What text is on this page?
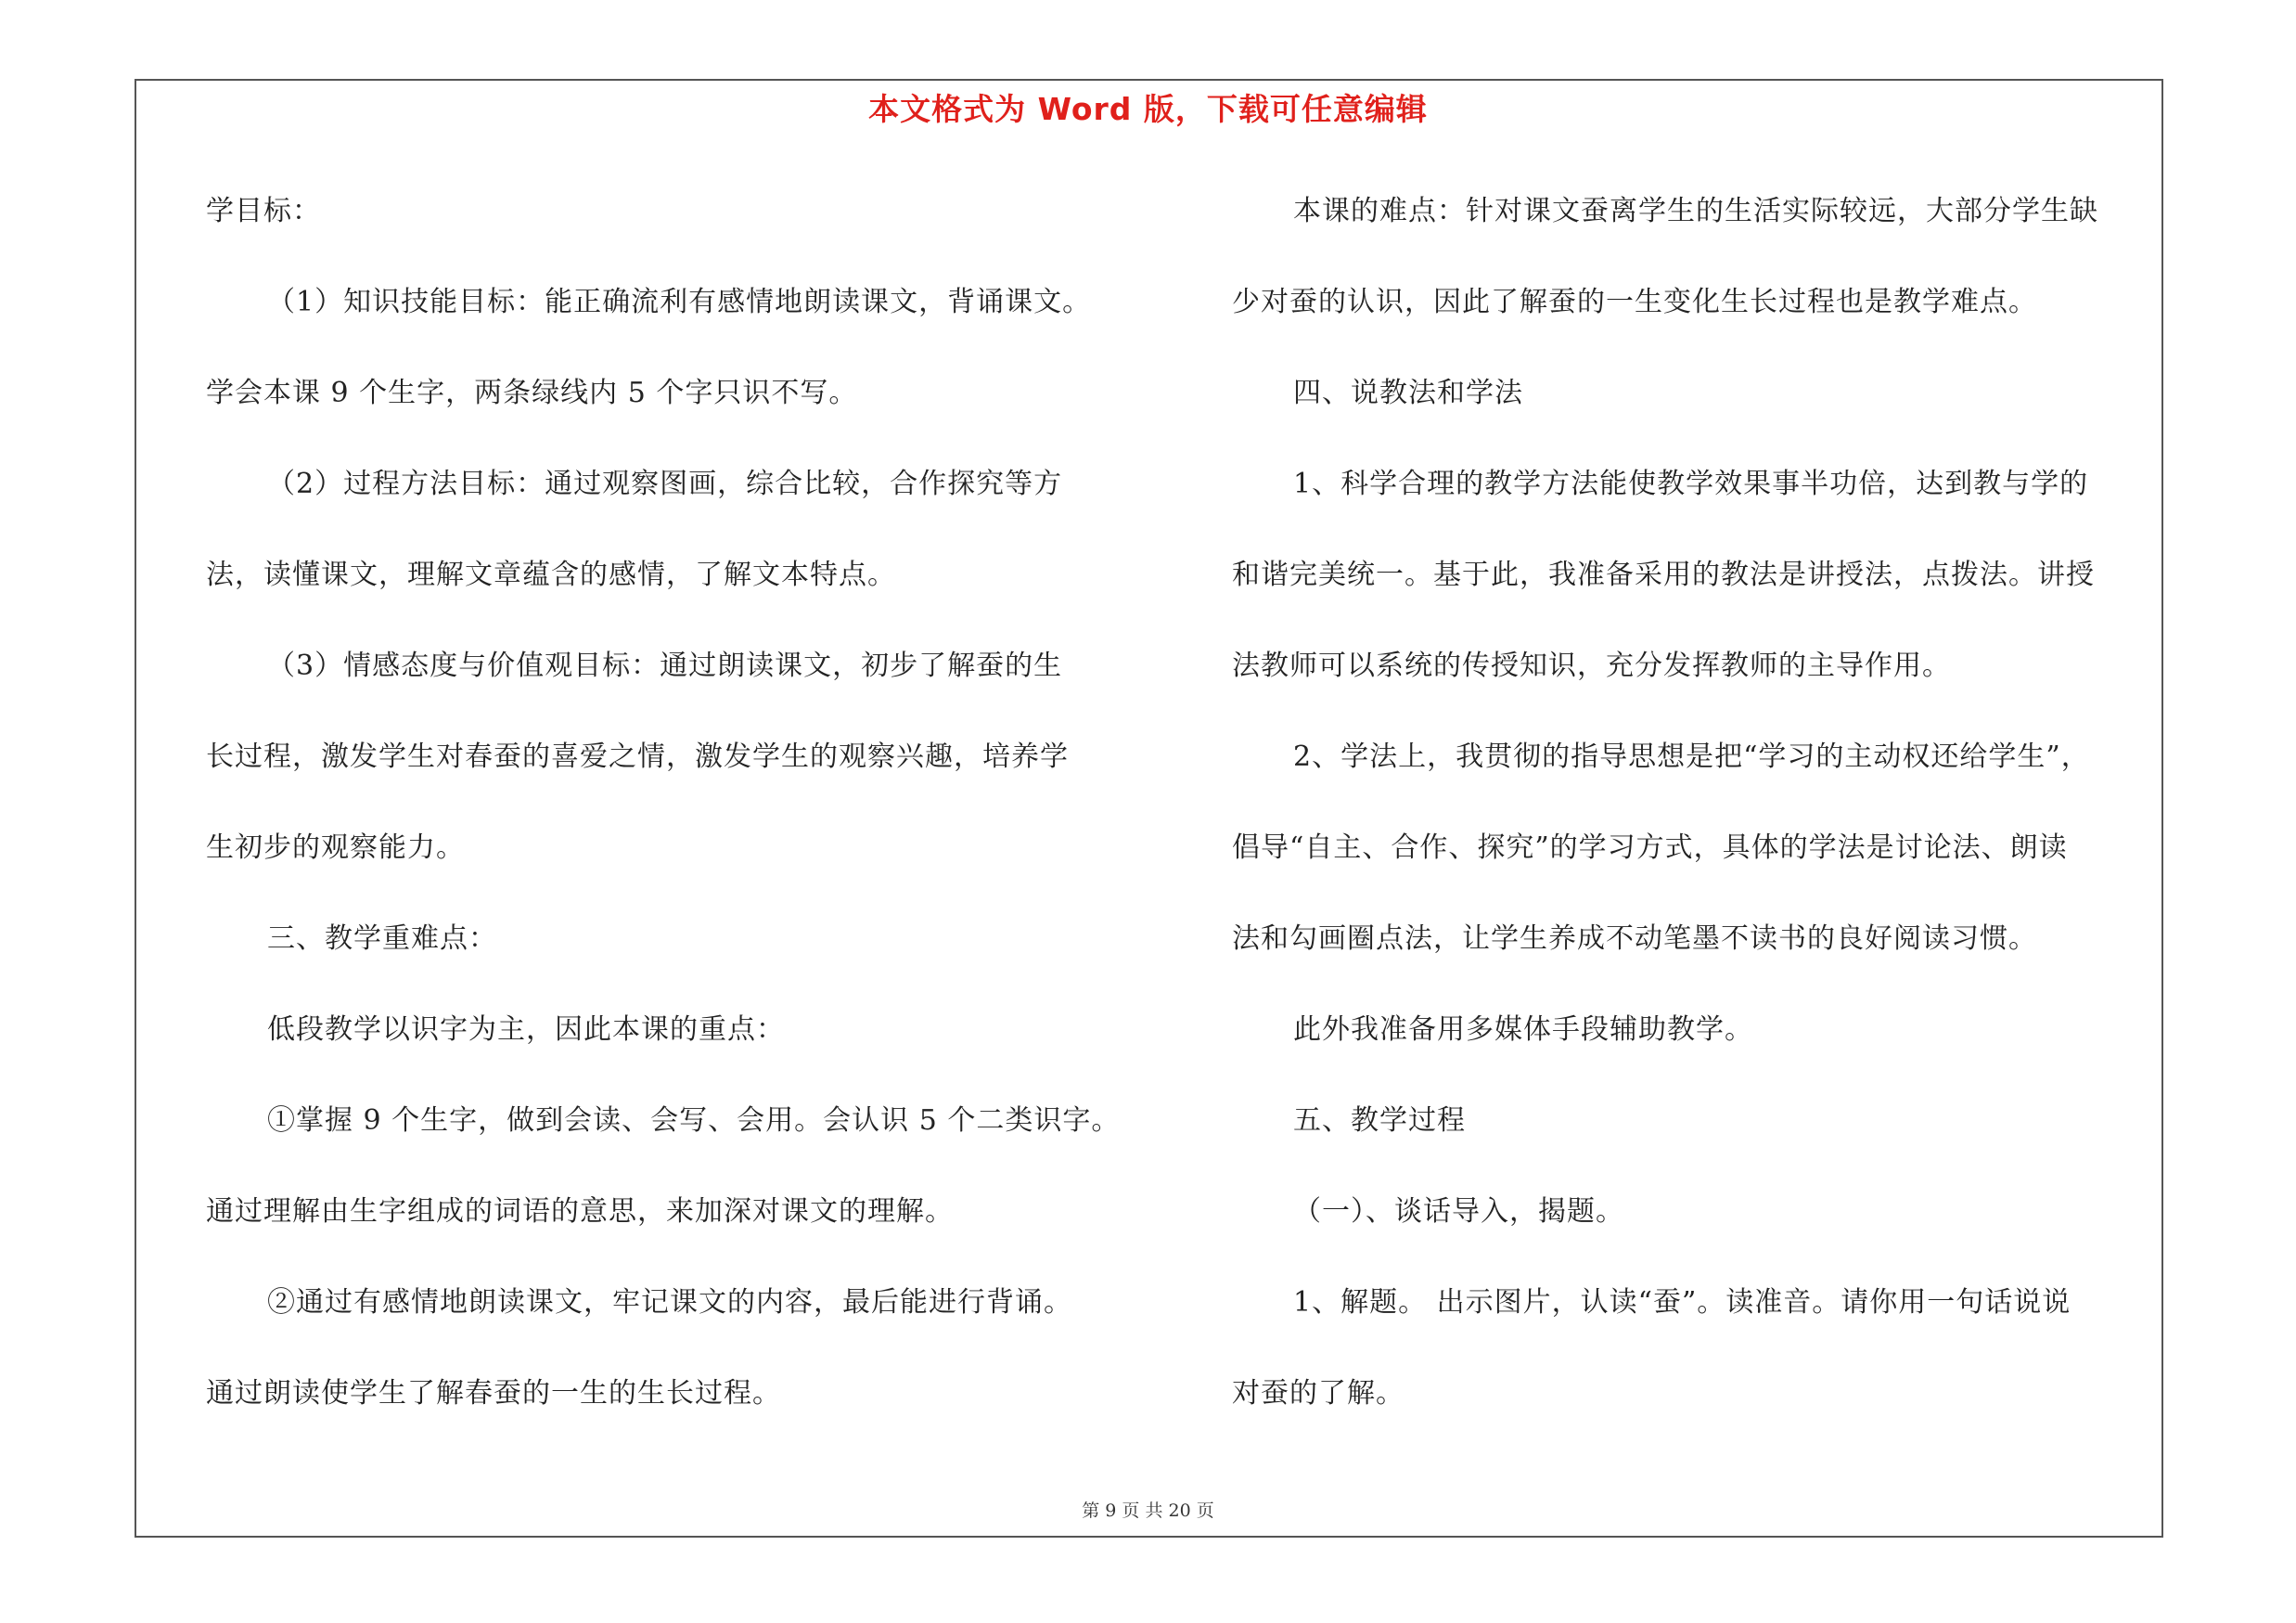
本文格式为 Word 版，下载可任意编辑
学目标：
（1）知识技能目标：能正确流利有感情地朗读课文，背诵课文。
学会本课 9 个生字，两条绿线内 5 个字只识不写。
（2）过程方法目标：通过观察图画，综合比较，合作探究等方
法，读懂课文，理解文章蕴含的感情，了解文本特点。
（3）情感态度与价值观目标：通过朗读课文，初步了解蚕的生
长过程，激发学生对春蚕的喜爱之情，激发学生的观察兴趣，培养学
生初步的观察能力。
三、教学重难点：
低段教学以识字为主，因此本课的重点：
①掌握 9 个生字，做到会读、会写、会用。会认识 5 个二类识字。
通过理解由生字组成的词语的意思，来加深对课文的理解。
②通过有感情地朗读课文，牢记课文的内容，最后能进行背诵。
通过朗读使学生了解春蚕的一生的生长过程。
本课的难点：针对课文蚕离学生的生活实际较远，大部分学生缺
少对蚕的认识，因此了解蚕的一生变化生长过程也是教学难点。
四、说教法和学法
1、科学合理的教学方法能使教学效果事半功倍，达到教与学的
和谐完美统一。基于此，我准备采用的教法是讲授法，点拨法。讲授
法教师可以系统的传授知识，充分发挥教师的主导作用。
2、学法上，我贯彻的指导思想是把“学习的主动权还给学生”，
倡导“自主、合作、探究”的学习方式，具体的学法是讨论法、朗读
法和勾画圈点法，让学生养成不动笔墨不读书的良好阅读习惯。
此外我准备用多媒体手段辅助教学。
五、教学过程
（一）、谈话导入，揭题。
1、解题。 出示图片，认读“蚕”。读准音。请你用一句话说说
对蚕的了解。
第 9 页 共 20 页
